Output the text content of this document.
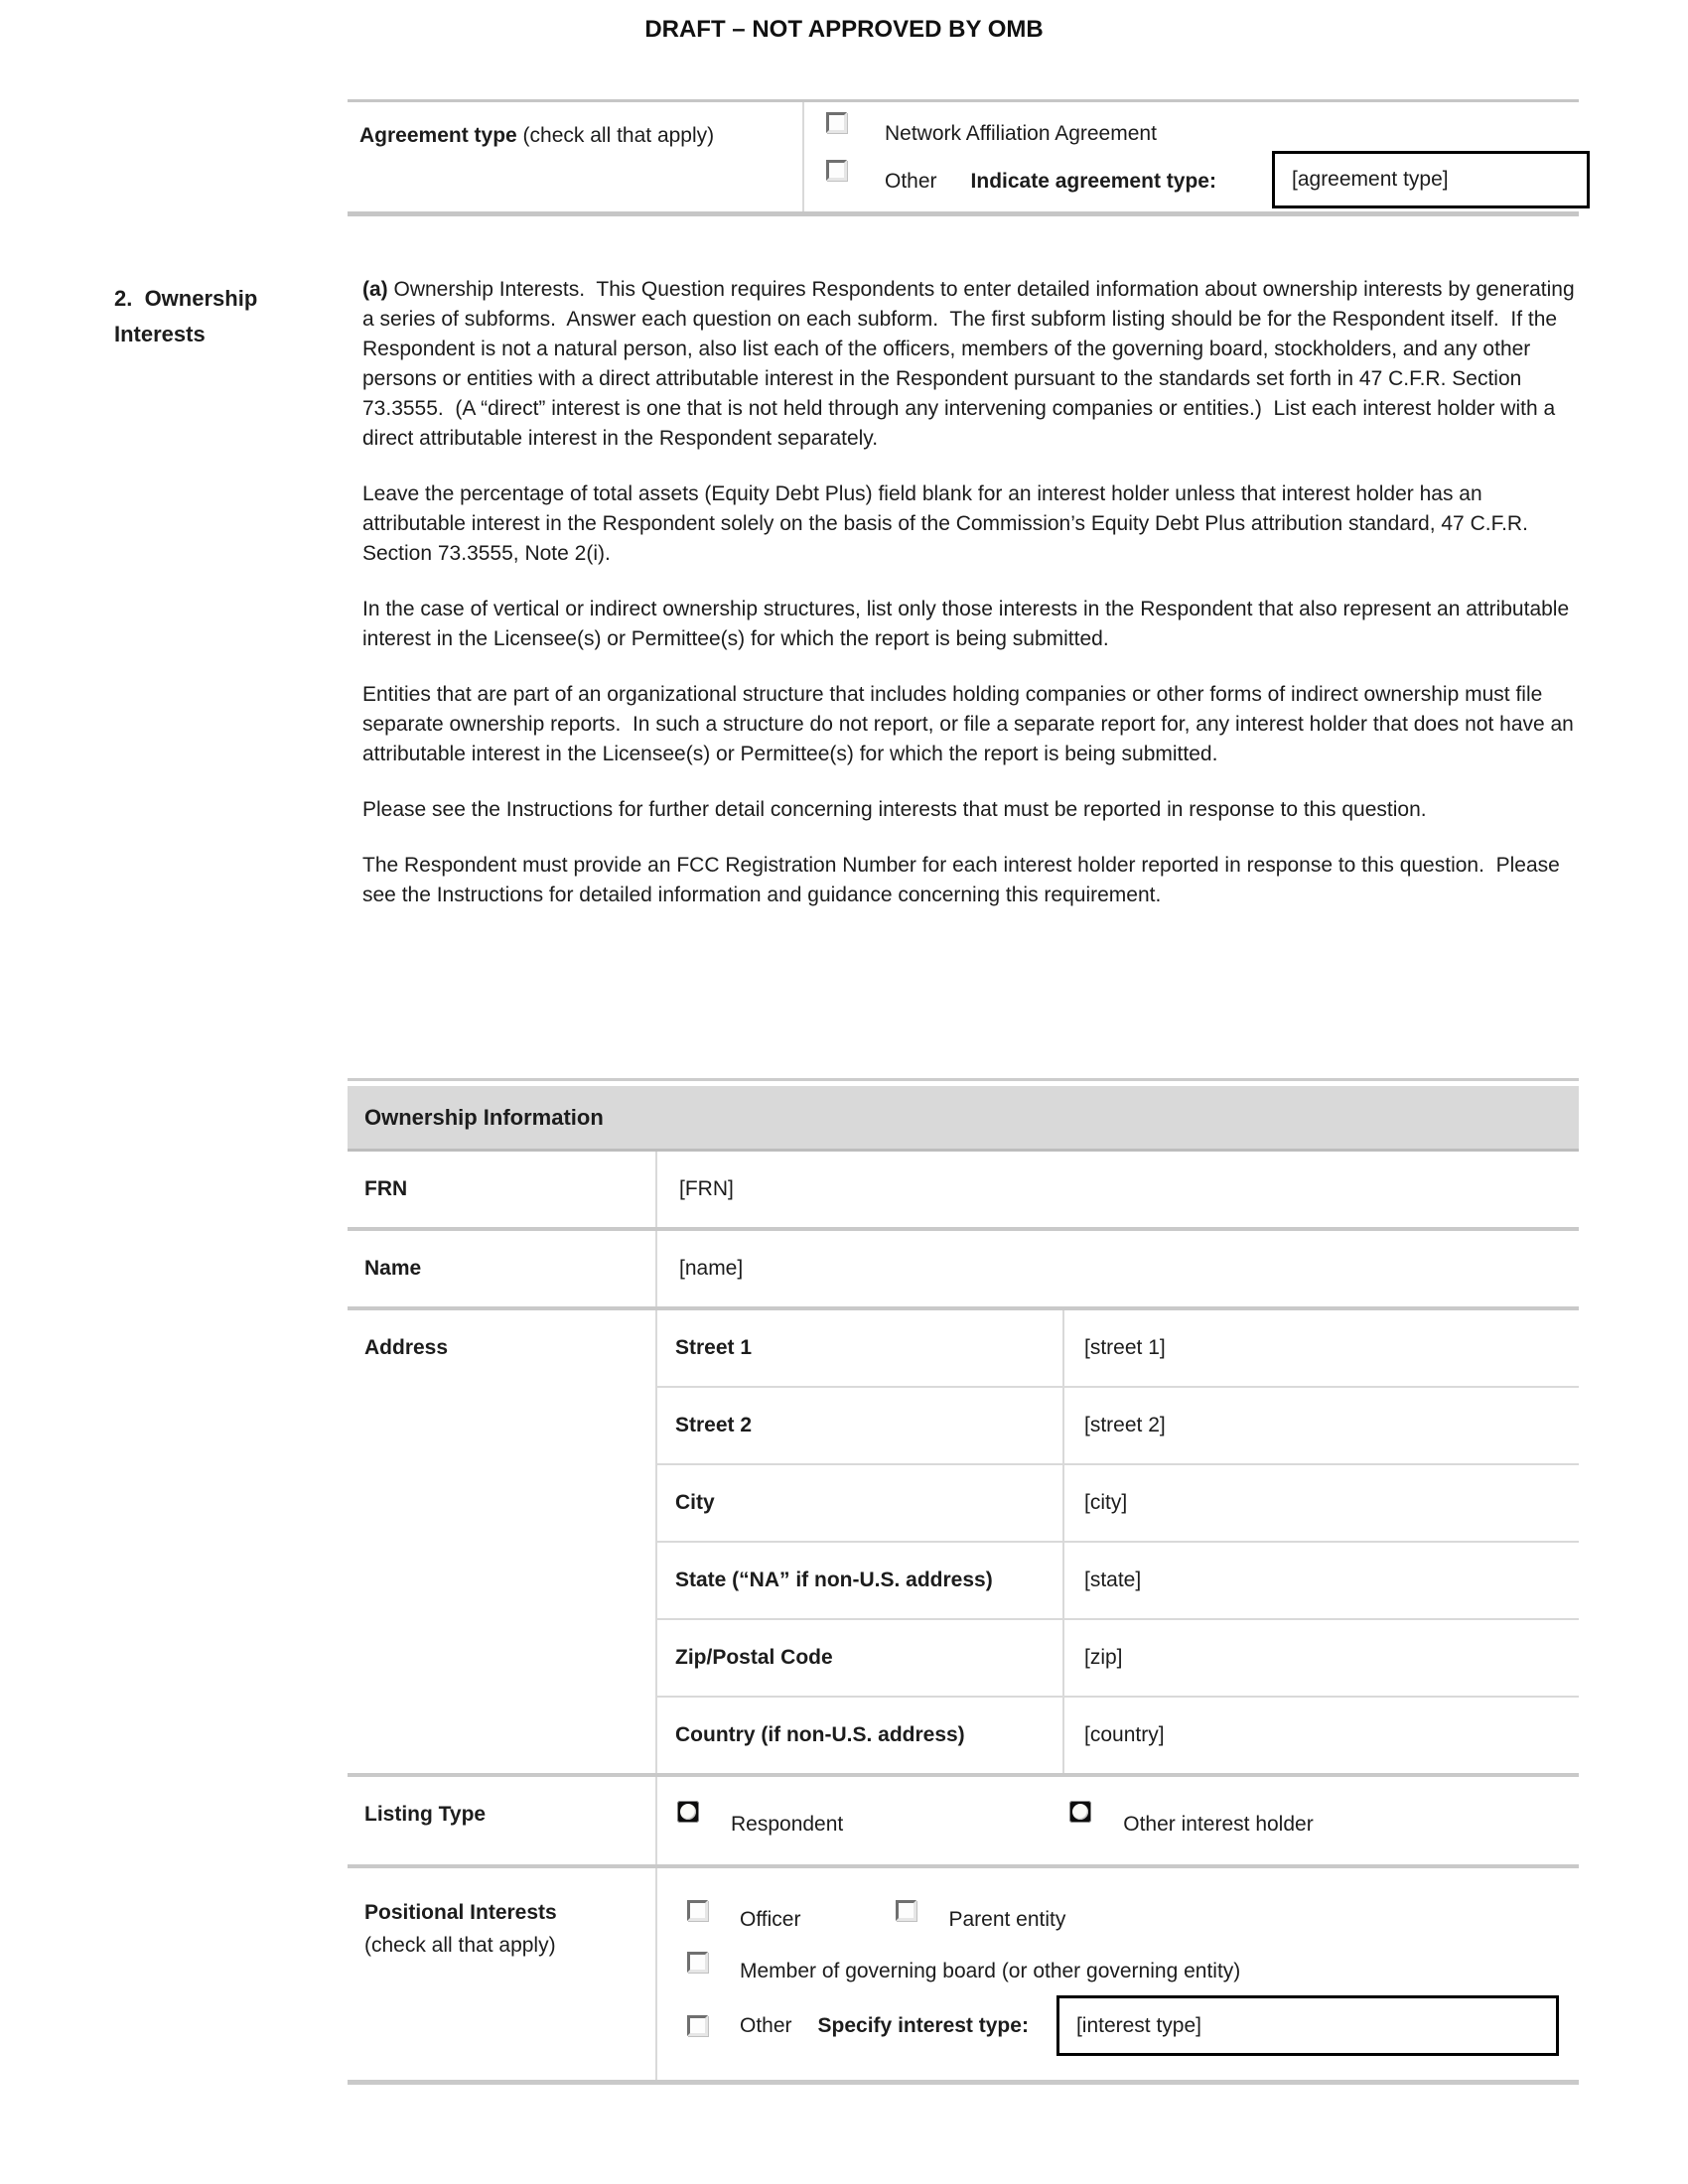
DRAFT – NOT APPROVED BY OMB
Agreement type (check all that apply)	Network Affiliation Agreement
Other Indicate agreement type:	[agreement type]
2.  Ownership Interests

(a) Ownership Interests.  This Question requires Respondents to enter detailed information about ownership interests by generating a series of subforms.  Answer each question on each subform.  The first subform listing should be for the Respondent itself.  If the Respondent is not a natural person, also list each of the officers, members of the governing board, stockholders, and any other persons or entities with a direct attributable interest in the Respondent pursuant to the standards set forth in 47 C.F.R. Section 73.3555.  (A “direct” interest is one that is not held through any intervening companies or entities.)  List each interest holder with a direct attributable interest in the Respondent separately.

Leave the percentage of total assets (Equity Debt Plus) field blank for an interest holder unless that interest holder has an attributable interest in the Respondent solely on the basis of the Commission’s Equity Debt Plus attribution standard, 47 C.F.R. Section 73.3555, Note 2(i).

In the case of vertical or indirect ownership structures, list only those interests in the Respondent that also represent an attributable interest in the Licensee(s) or Permittee(s) for which the report is being submitted.

Entities that are part of an organizational structure that includes holding companies or other forms of indirect ownership must file separate ownership reports.  In such a structure do not report, or file a separate report for, any interest holder that does not have an attributable interest in the Licensee(s) or Permittee(s) for which the report is being submitted.

Please see the Instructions for further detail concerning interests that must be reported in response to this question.

The Respondent must provide an FCC Registration Number for each interest holder reported in response to this question.  Please see the Instructions for detailed information and guidance concerning this requirement.

Ownership Information
FRN	[FRN]
Name	[name]
Address	Street 1	[street 1]
Street 2	[street 2]
City	[city]
State (“NA” if non-U.S. address)	[state]
Zip/Postal Code	[zip]
Country (if non-U.S. address)	[country]
Listing Type	Respondent	Other interest holder
Positional Interests
(check all that apply)
Officer	Parent entity
Member of governing board (or other governing entity)
Other Specify interest type:	[interest type]
